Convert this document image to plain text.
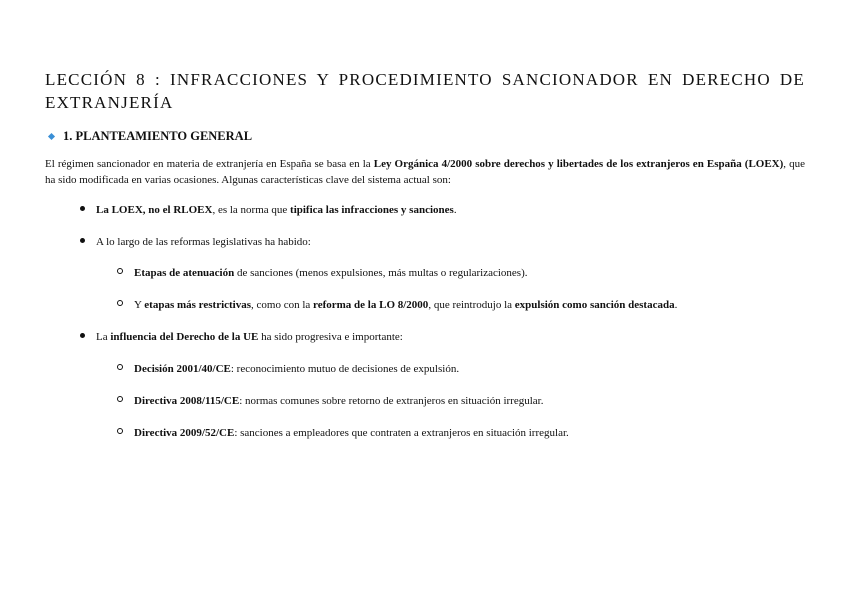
LECCIÓN 8 : INFRACCIONES Y PROCEDIMIENTO SANCIONADOR EN DERECHO DE EXTRANJERÍA
1. PLANTEAMIENTO GENERAL

El régimen sancionador en materia de extranjería en España se basa en la Ley Orgánica 4/2000 sobre derechos y libertades de los extranjeros en España (LOEX), que ha sido modificada en varias ocasiones. Algunas características clave del sistema actual son:

La LOEX, no el RLOEX, es la norma que tipifica las infracciones y sanciones.

A lo largo de las reformas legislativas ha habido:

Etapas de atenuación de sanciones (menos expulsiones, más multas o regularizaciones).

Y etapas más restrictivas, como con la reforma de la LO 8/2000, que reintrodujo la expulsión como sanción destacada.

La influencia del Derecho de la UE ha sido progresiva e importante:

Decisión 2001/40/CE: reconocimiento mutuo de decisiones de expulsión.

Directiva 2008/115/CE: normas comunes sobre retorno de extranjeros en situación irregular.

Directiva 2009/52/CE: sanciones a empleadores que contraten a extranjeros en situación irregular.
